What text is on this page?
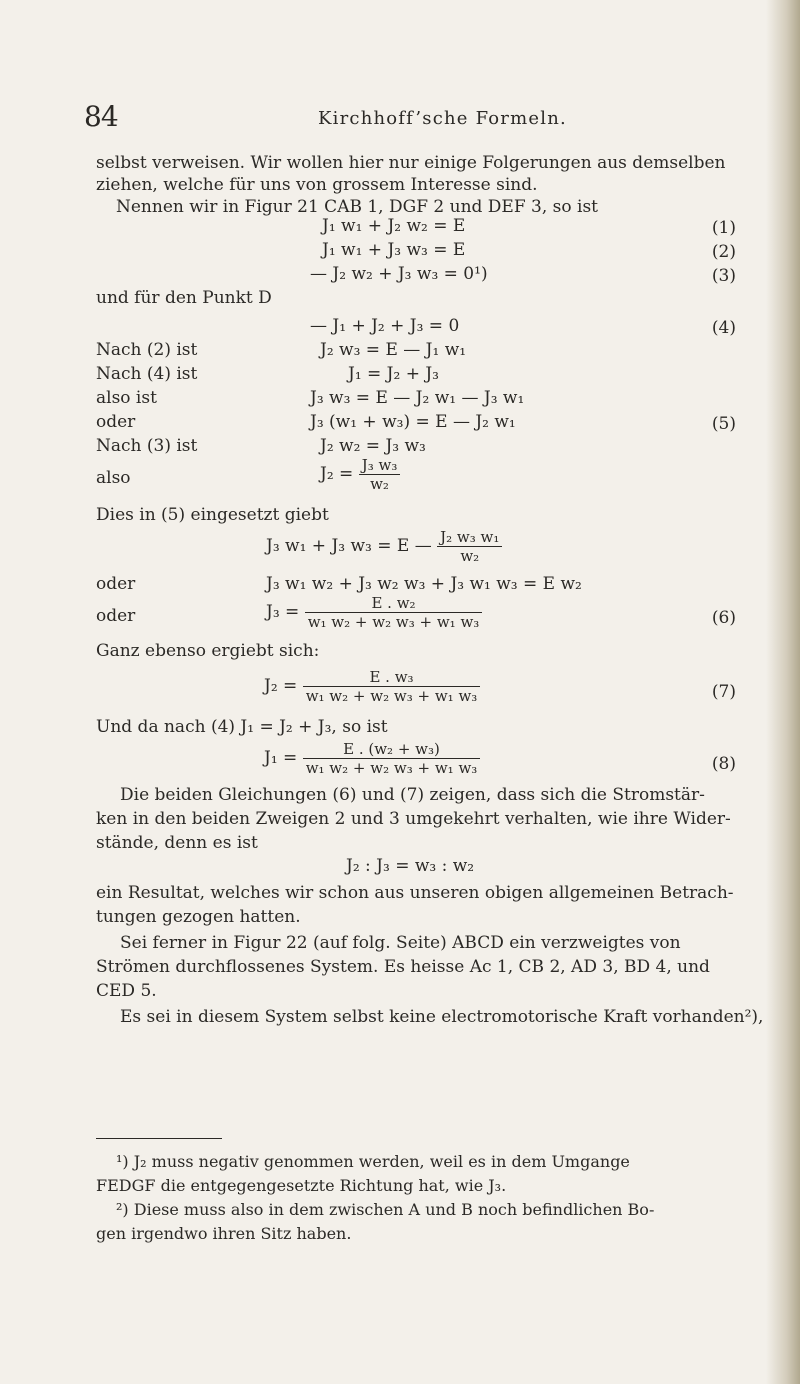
84	Kirchhoff’sche Formeln.
selbst verweisen. Wir wollen hier nur einige Folgerungen aus demselben
ziehen, welche für uns von grossem Interesse sind.
Nennen wir in Figur 21 CAB 1, DGF 2 und DEF 3, so ist
J₁ w₁ + J₂ w₂ = E	(1)
J₁ w₁ + J₃ w₃ = E	(2)
— J₂ w₂ + J₃ w₃ = 0¹)	(3)
und für den Punkt D
— J₁ + J₂ + J₃ = 0	(4)
Nach (2) ist	J₂ w₃ = E — J₁ w₁
Nach (4) ist	J₁ = J₂ + J₃
also ist	J₃ w₃ = E — J₂ w₁ — J₃ w₁
oder	J₃ (w₁ + w₃) = E — J₂ w₁	(5)
Nach (3) ist	J₂ w₂ = J₃ w₃
also	$J_2 = \frac{\text{J₃ w₃}}{\text{w₂}}$
Dies in (5) eingesetzt giebt
J₃ w₁ + J₃ w₃ = E — $\frac{\text{J₂ w₃ w₁}}{\text{w₂}}$
oder	J₃ w₁ w₂ + J₃ w₂ w₃ + J₃ w₁ w₃ = E w₂
oder	$J_3 = \frac{\text{E . w₂}}{\text{w₁ w₂ + w₂ w₃ + w₁ w₃}}$	(6)
Ganz ebenso ergiebt sich:
$J_2 = \frac{\text{E . w₃}}{\text{w₁ w₂ + w₂ w₃ + w₁ w₃}}$	(7)
Und da nach (4) J₁ = J₂ + J₃, so ist
$J_1 = \frac{\text{E . (w₂ + w₃)}}{\text{w₁ w₂ + w₂ w₃ + w₁ w₃}}$	(8)
Die beiden Gleichungen (6) und (7) zeigen, dass sich die Stromstär-
ken in den beiden Zweigen 2 und 3 umgekehrt verhalten, wie ihre Wider-
stände, denn es ist
J₂ : J₃ = w₃ : w₂
ein Resultat, welches wir schon aus unseren obigen allgemeinen Betrach-
tungen gezogen hatten.
Sei ferner in Figur 22 (auf folg. Seite) ABCD ein verzweigtes von
Strömen durchflossenes System. Es heisse Ac 1, CB 2, AD 3, BD 4, und
CED 5.
Es sei in diesem System selbst keine electromotorische Kraft vorhanden²),
¹) J₂ muss negativ genommen werden, weil es in dem Umgange
FEDGF die entgegengesetzte Richtung hat, wie J₃.
²) Diese muss also in dem zwischen A und B noch befindlichen Bo-
gen irgendwo ihren Sitz haben.
